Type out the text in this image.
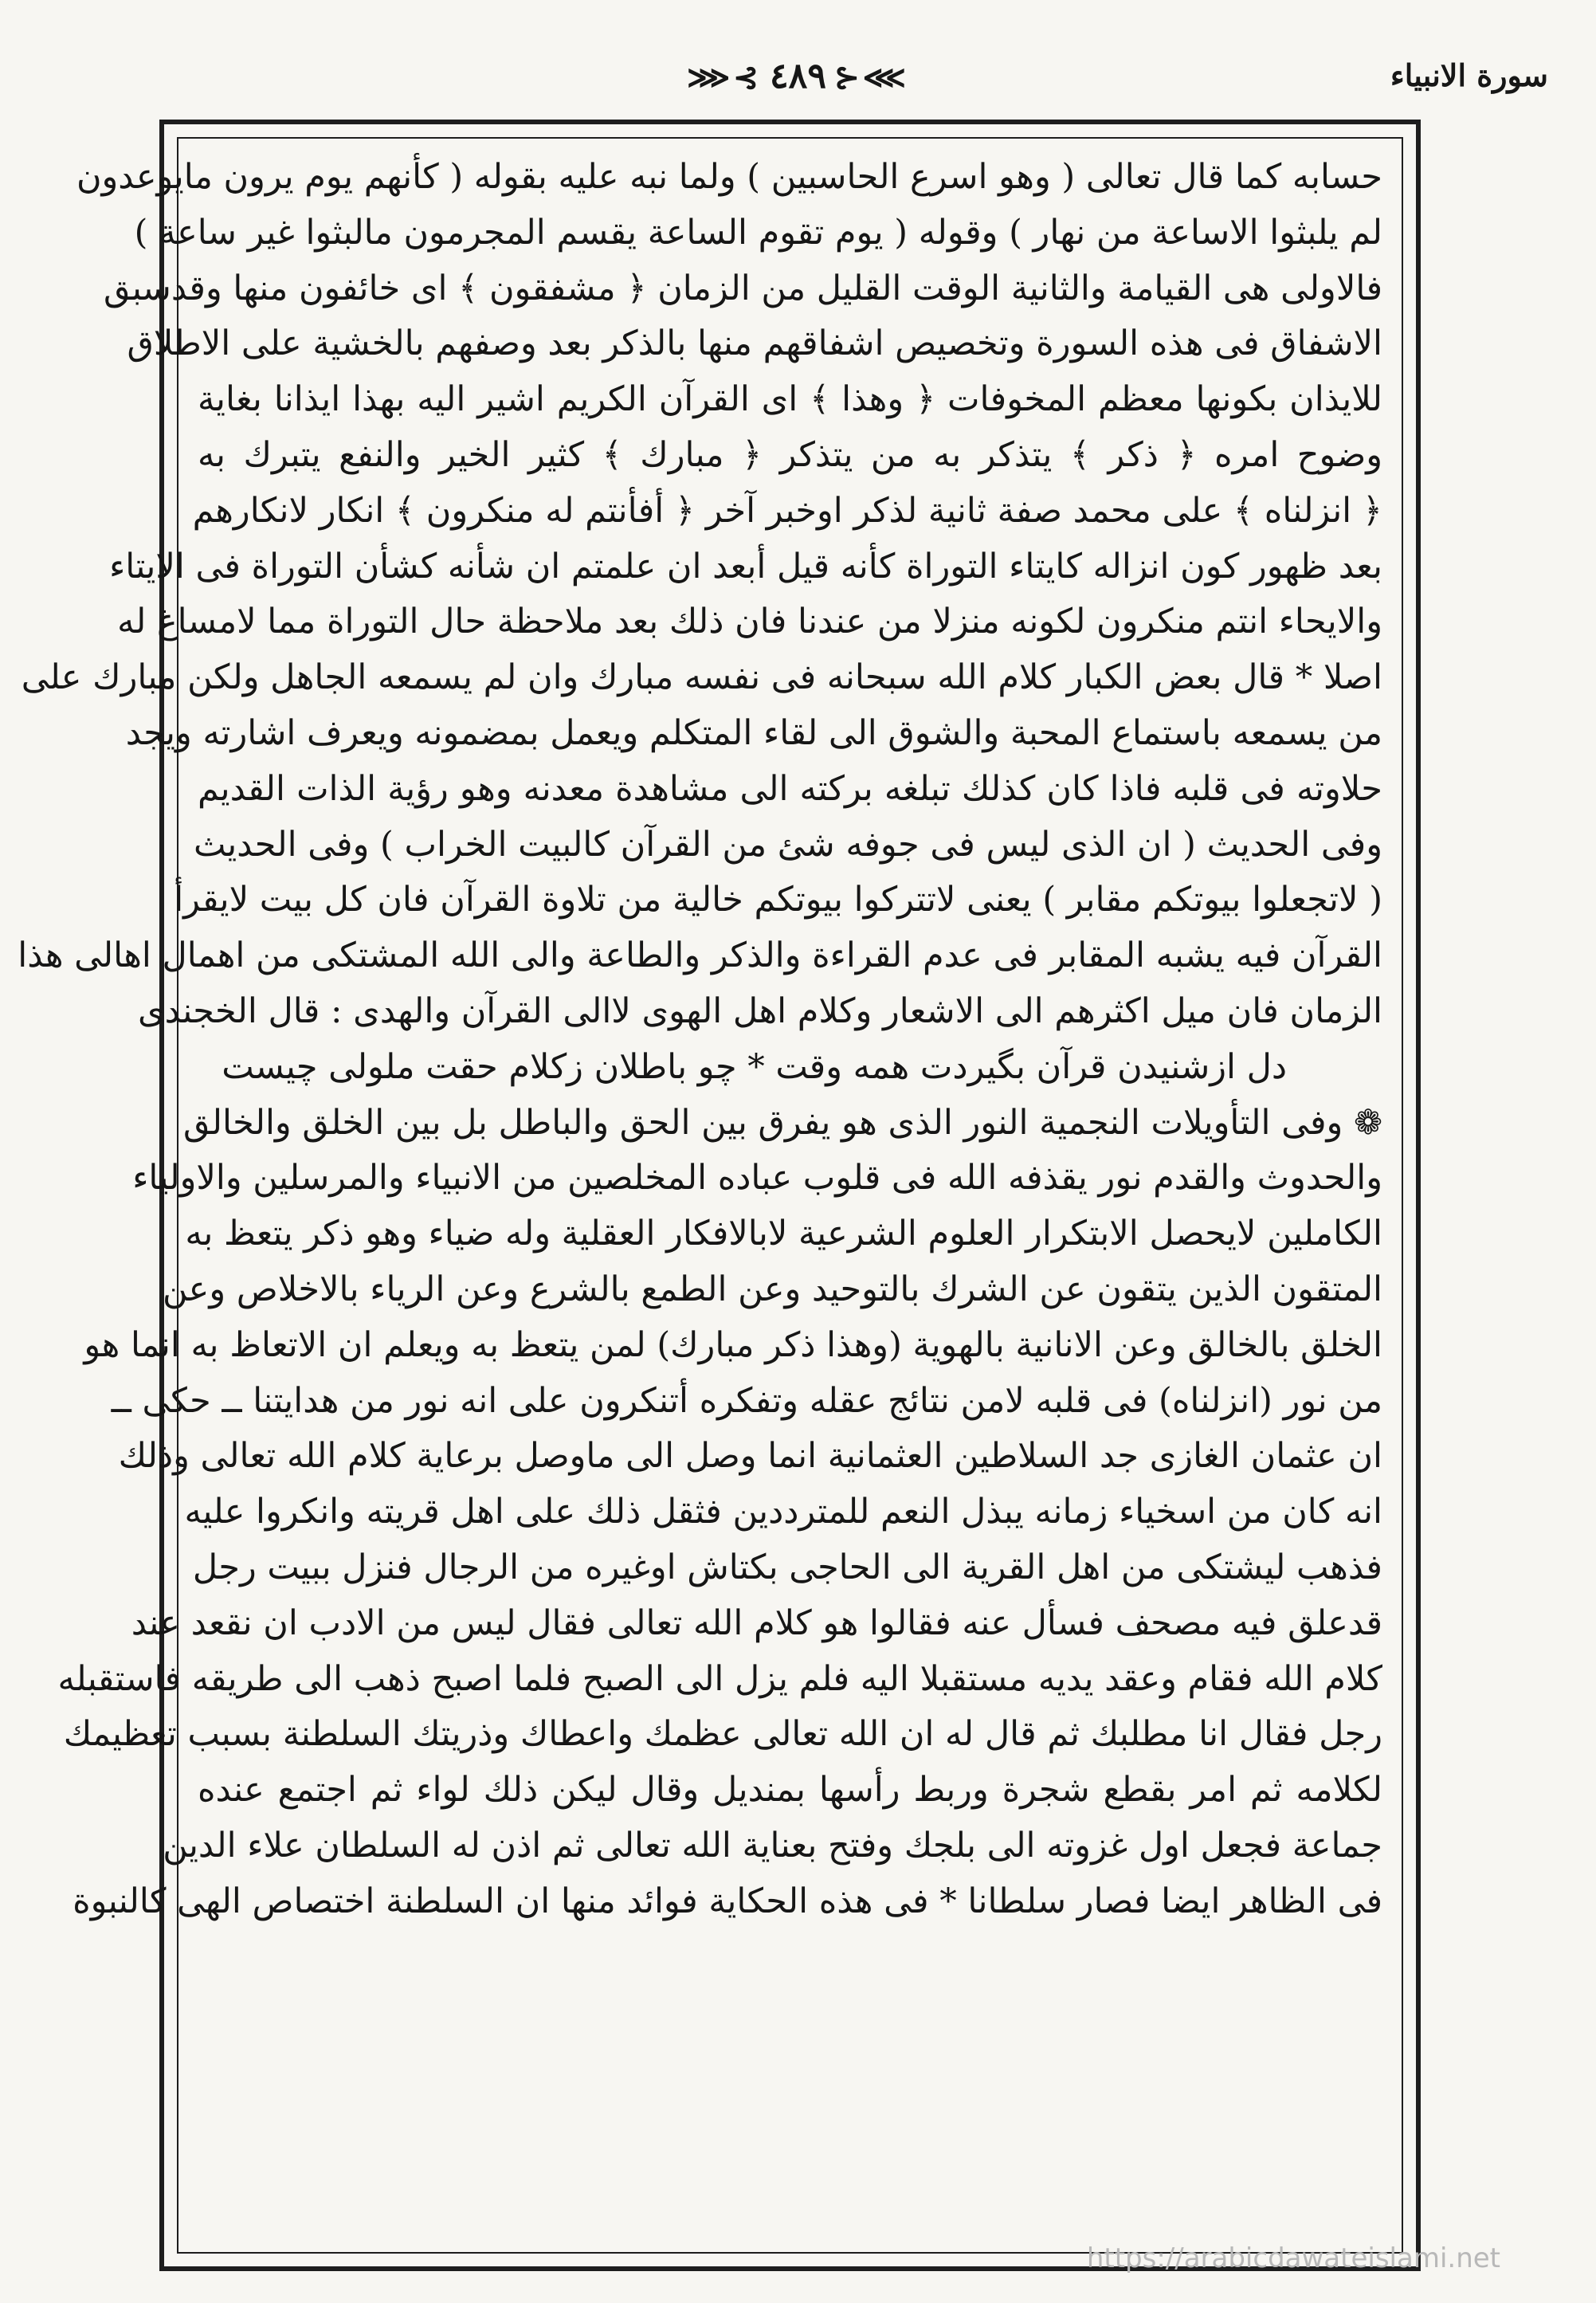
سورة الانبياء
⋙⊰ ٤٨٩ ⊱⋘
حسابه كما قال تعالى ( وهو اسرع الحاسبين ) ولما نبه عليه بقوله ( كأنهم يوم يرون مايوعدون
لم يلبثوا الاساعة من نهار ) وقوله ( يوم تقوم الساعة يقسم المجرمون مالبثوا غير ساعة )
فالاولى هى القيامة والثانية الوقت القليل من الزمان ﴿ مشفقون ﴾ اى خائفون منها وقدسبق
الاشفاق فى هذه السورة وتخصيص اشفاقهم منها بالذكر بعد وصفهم بالخشية على الاطلاق
للايذان بكونها معظم المخوفات ﴿ وهذا ﴾ اى القرآن الكريم اشير اليه بهذا ايذانا بغاية
وضوح امره ﴿ ذكر ﴾ يتذكر به من يتذكر ﴿ مبارك ﴾ كثير الخير والنفع يتبرك به
﴿ انزلناه ﴾ على محمد صفة ثانية لذكر اوخبر آخر ﴿ أفأنتم له منكرون ﴾ انكار لانكارهم
بعد ظهور كون انزاله كايتاء التوراة كأنه قيل أبعد ان علمتم ان شأنه كشأن التوراة فى الايتاء
والايحاء انتم منكرون لكونه منزلا من عندنا فان ذلك بعد ملاحظة حال التوراة مما لامساغ له
اصلا * قال بعض الكبار كلام الله سبحانه فى نفسه مبارك وان لم يسمعه الجاهل ولكن مبارك على
من يسمعه باستماع المحبة والشوق الى لقاء المتكلم ويعمل بمضمونه ويعرف اشارته ويجد
حلاوته فى قلبه فاذا كان كذلك تبلغه بركته الى مشاهدة معدنه وهو رؤية الذات القديم
وفى الحديث ( ان الذى ليس فى جوفه شئ من القرآن كالبيت الخراب ) وفى الحديث
( لاتجعلوا بيوتكم مقابر ) يعنى لاتتركوا بيوتكم خالية من تلاوة القرآن فان كل بيت لايقرأ
القرآن فيه يشبه المقابر فى عدم القراءة والذكر والطاعة والى الله المشتكى من اهمال اهالى هذا
الزمان فان ميل اكثرهم الى الاشعار وكلام اهل الهوى لاالى القرآن والهدى : قال الخجندى
دل ازشنيدن قرآن بگيردت همه وقت * چو باطلان زكلام حقت ملولى چيست
❁ وفى التأويلات النجمية النور الذى هو يفرق بين الحق والباطل بل بين الخلق والخالق
والحدوث والقدم نور يقذفه الله فى قلوب عباده المخلصين من الانبياء والمرسلين والاولياء
الكاملين لايحصل الابتكرار العلوم الشرعية لابالافكار العقلية وله ضياء وهو ذكر يتعظ به
المتقون الذين يتقون عن الشرك بالتوحيد وعن الطمع بالشرع وعن الرياء بالاخلاص وعن
الخلق بالخالق وعن الانانية بالهوية (وهذا ذكر مبارك) لمن يتعظ به ويعلم ان الاتعاظ به انما هو
من نور (انزلناه) فى قلبه لامن نتائج عقله وتفكره أتنكرون على انه نور من هدايتنا ــ حكى ــ
ان عثمان الغازى جد السلاطين العثمانية انما وصل الى ماوصل برعاية كلام الله تعالى وذلك
انه كان من اسخياء زمانه يبذل النعم للمترددين فثقل ذلك على اهل قريته وانكروا عليه
فذهب ليشتكى من اهل القرية الى الحاجى بكتاش اوغيره من الرجال فنزل ببيت رجل
قدعلق فيه مصحف فسأل عنه فقالوا هو كلام الله تعالى فقال ليس من الادب ان نقعد عند
كلام الله فقام وعقد يديه مستقبلا اليه فلم يزل الى الصبح فلما اصبح ذهب الى طريقه فاستقبله
رجل فقال انا مطلبك ثم قال له ان الله تعالى عظمك واعطاك وذريتك السلطنة بسبب تعظيمك
لكلامه ثم امر بقطع شجرة وربط رأسها بمنديل وقال ليكن ذلك لواء ثم اجتمع عنده
جماعة فجعل اول غزوته الى بلجك وفتح بعناية الله تعالى ثم اذن له السلطان علاء الدين
فى الظاهر ايضا فصار سلطانا * فى هذه الحكاية فوائد منها ان السلطنة اختصاص الهى كالنبوة
https://arabicdawateislami.net
